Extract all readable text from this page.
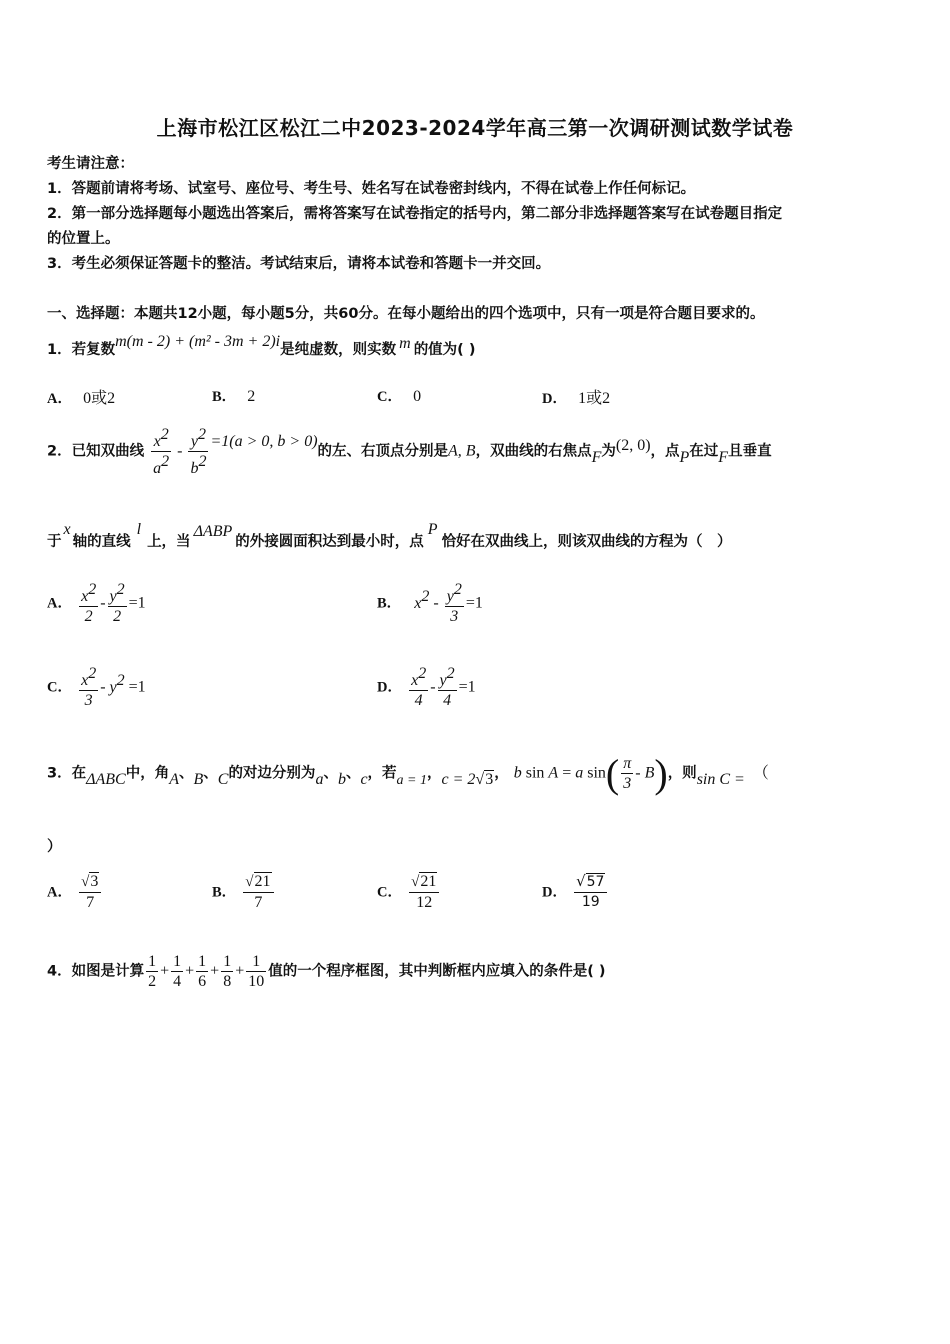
上海市松江区松江二中2023-2024学年高三第一次调研测试数学试卷
考生请注意：
1．答题前请将考场、试室号、座位号、考生号、姓名写在试卷密封线内，不得在试卷上作任何标记。
2．第一部分选择题每小题选出答案后，需将答案写在试卷指定的括号内，第二部分非选择题答案写在试卷题目指定
的位置上。
3．考生必须保证答题卡的整洁。考试结束后，请将本试卷和答题卡一并交回。
一、选择题：本题共12小题，每小题5分，共60分。在每小题给出的四个选项中，只有一项是符合题目要求的。
1．若复数m(m - 2) + (m² - 3m + 2)i是纯虚数，则实数 m 的值为( )
A． 0或2	B． 2	C． 0	D． 1或2
2．已知双曲线 $\frac{x^2}{a^2} - \frac{y^2}{b^2} =1(a > 0$, b > 0)的左、右顶点分别是A, B，双曲线的右焦点F为(2, 0)，点P在过F且垂直
于x轴的直线l上，当ΔABP的外接圆面积达到最小时，点P恰好在双曲线上，则该双曲线的方程为（　）
A． $\frac{x^2}{2} - \frac{y^2}{2} =1$	B． $x^2 - \frac{y^2}{3} =1$
C． $\frac{x^2}{3} - y^2 =1$	D． $\frac{x^2}{4} - \frac{y^2}{4} =1$
3．在ΔABC中，角A、B、C的对边分别为a、b、c，若a = 1，c = 2√3， b sin A = a $\sin( \frac{\pi}{3} - B)$，则sin C = （
）
A． $\frac{√3}{7}$	B． $\frac{√21}{7}$	C． $\frac{√21}{12}$	D． $\frac{√57}{19}$
4．如图是计算 $\frac{1}{2} + \frac{1}{4} + \frac{1}{6} + \frac{1}{8} + \frac{1}{10}$ 值的一个程序框图，其中判断框内应填入的条件是( )
